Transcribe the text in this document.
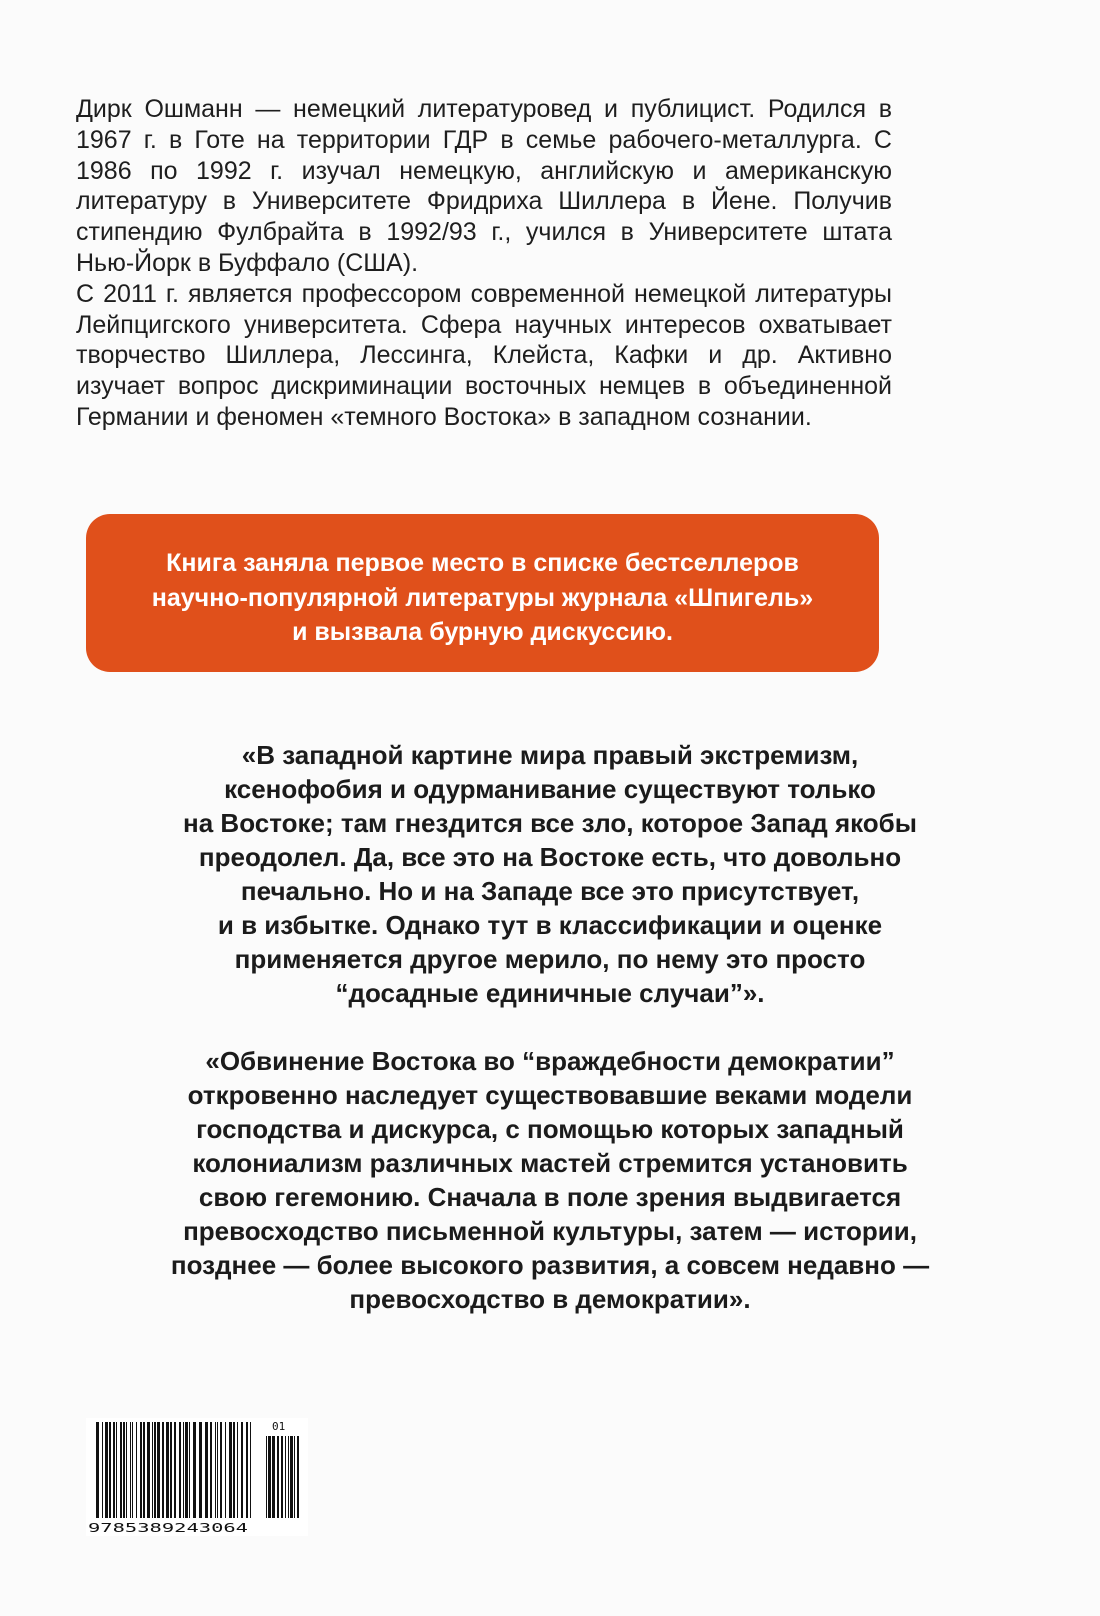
Дирк Ошманн — немецкий литературовед и публицист. Родился в 1967 г. в Готе на территории ГДР в семье рабочего-металлурга. С 1986 по 1992 г. изучал немецкую, английскую и американскую литературу в Университете Фридриха Шиллера в Йене. Получив стипендию Фулбрайта в 1992/93 г., учился в Университете штата Нью-Йорк в Буффало (США).

С 2011 г. является профессором современной немецкой литературы Лейпцигского университета. Сфера научных интересов охватывает творчество Шиллера, Лессинга, Клейста, Кафки и др. Активно изучает вопрос дискриминации восточных немцев в объединенной Германии и феномен «темного Востока» в западном сознании.

Книга заняла первое место в списке бестселлеров
научно-популярной литературы журнала «Шпигель»
и вызвала бурную дискуссию.
«В западной картине мира правый экстремизм,
ксенофобия и одурманивание существуют только
на Востоке; там гнездится все зло, которое Запад якобы
преодолел. Да, все это на Востоке есть, что довольно
печально. Но и на Западе все это присутствует,
и в избытке. Однако тут в классификации и оценке
применяется другое мерило, по нему это просто
“досадные единичные случаи”».
«Обвинение Востока во “враждебности демократии”
откровенно наследует существовавшие веками модели
господства и дискурса, с помощью которых западный
колониализм различных мастей стремится установить
свою гегемонию. Сначала в поле зрения выдвигается
превосходство письменной культуры, затем — истории,
позднее — более высокого развития, а совсем недавно —
превосходство в демократии».
9785389243064
01
